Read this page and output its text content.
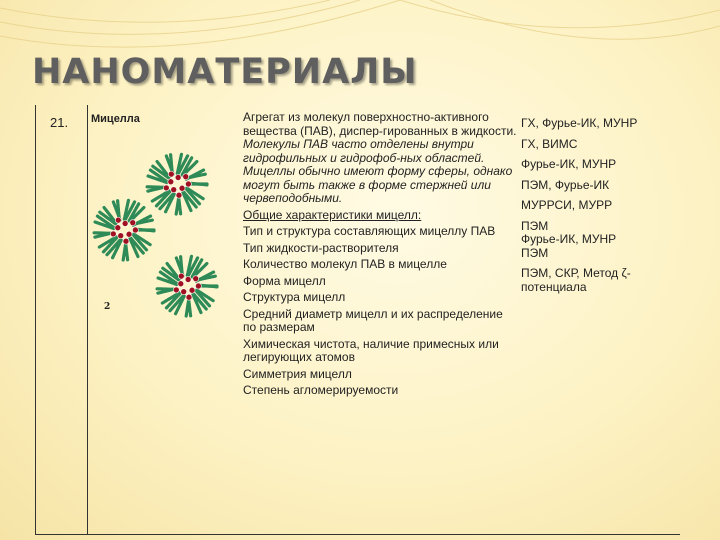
НАНОМАТЕРИАЛЫ
21. Мицелла
2

Агрегат из молекул поверхностно-активного вещества (ПАВ), диспер-гированных в жидкости.

Молекулы ПАВ часто отделены внутри гидрофильных и гидрофоб-ных областей. Мицеллы обычно имеют форму сферы, однако могут быть также в форме стержней или червеподобными.

Общие характеристики мицелл:

Тип и структура составляющих мицеллу ПАВ

Тип жидкости-растворителя

Количество молекул ПАВ в мицелле

Форма мицелл

Структура мицелл

Средний диаметр мицелл и их распределение по размерам

Химическая чистота, наличие примесных или легирующих атомов

Симметрия мицелл

Степень агломерируемости

ГХ, Фурье-ИК, МУНР

ГХ, ВИМС

Фурье-ИК, МУНР

ПЭМ, Фурье-ИК

МУРРСИ, МУРР

ПЭМ
Фурье-ИК, МУНР
ПЭМ

ПЭМ, СКР, Метод ζ-потенциала
